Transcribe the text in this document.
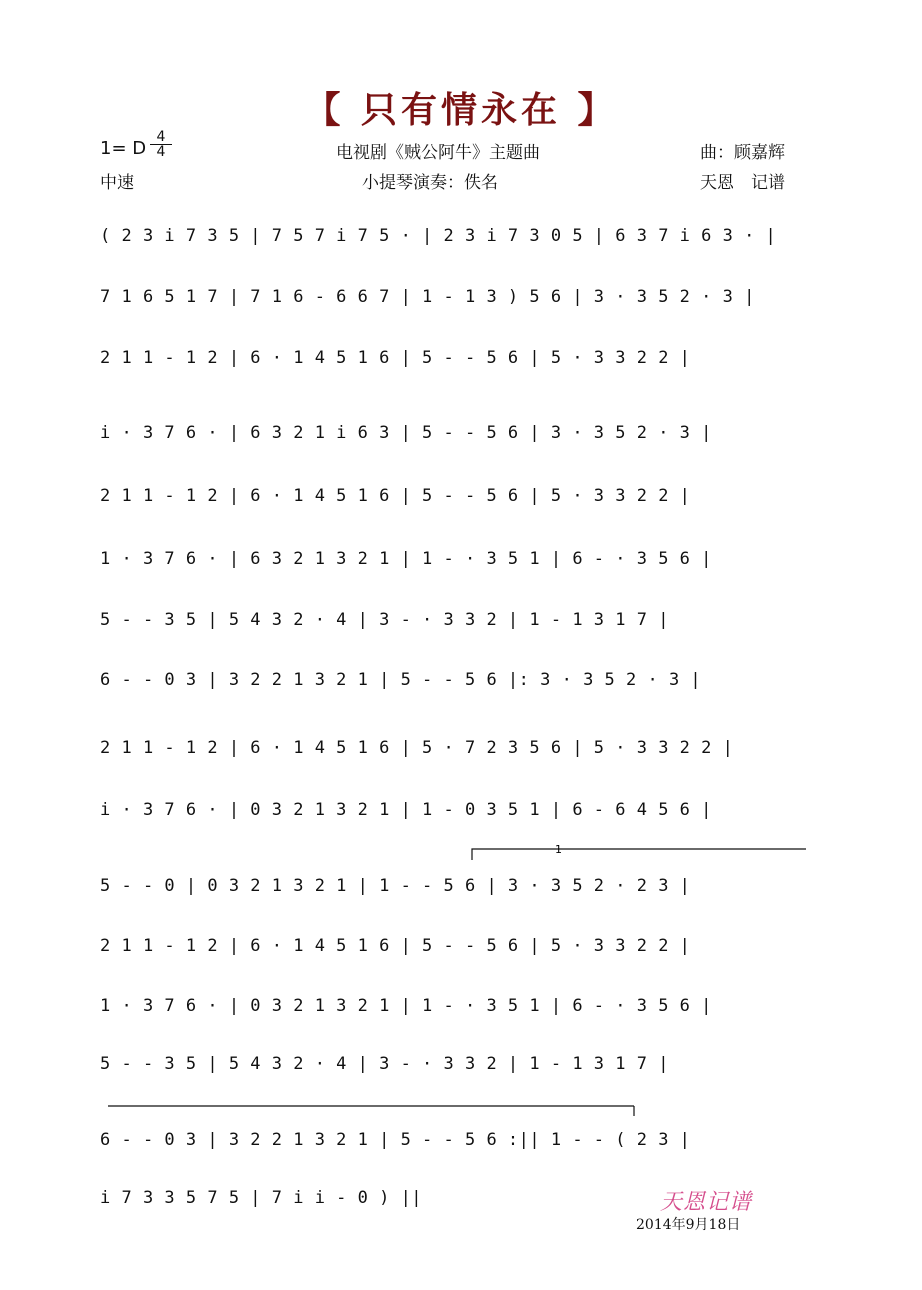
【 只有情永在 】
1= D $\frac{4}{4}$
中速
电视剧《贼公阿牛》主题曲
小提琴演奏：佚名
曲：顾嘉辉
天恩　记谱
( 2 3 i 7 3 5 | 7 5 7 i 7 5 · | 2 3 i 7 3 0 5 | 6 3 7 i 6 3 · |
7 1 6 5 1 7 | 7 1 6 - 6 6 7 | 1 - 1 3 ) 5 6 | 3 · 3 5 2 · 3 |
2 1 1 - 1 2 | 6 · 1 4 5 1 6 | 5 - - 5 6 | 5 · 3 3 2 2 |
i · 3 7 6 · | 6 3 2 1 i 6 3 | 5 - - 5 6 | 3 · 3 5 2 · 3 |
2 1 1 - 1 2 | 6 · 1 4 5 1 6 | 5 - - 5 6 | 5 · 3 3 2 2 |
1 · 3 7 6 · | 6 3 2 1 3 2 1 | 1 - · 3 5 1 | 6 - · 3 5 6 |
5 - - 3 5 | 5 4 3 2 · 4 | 3 - · 3 3 2 | 1 - 1 3 1 7 |
6 - - 0 3 | 3 2 2 1 3 2 1 | 5 - - 5 6 |: 3 · 3 5 2 · 3 |
2 1 1 - 1 2 | 6 · 1 4 5 1 6 | 5 · 7 2 3 5 6 | 5 · 3 3 2 2 |
i · 3 7 6 · | 0 3 2 1 3 2 1 | 1 - 0 3 5 1 | 6 - 6 4 5 6 |
5 - - 0 | 0 3 2 1 3 2 1 | 1 - - 5 6 | 3 · 3 5 2 · 2 3 |
2 1 1 - 1 2 | 6 · 1 4 5 1 6 | 5 - - 5 6 | 5 · 3 3 2 2 |
1 · 3 7 6 · | 0 3 2 1 3 2 1 | 1 - · 3 5 1 | 6 - · 3 5 6 |
5 - - 3 5 | 5 4 3 2 · 4 | 3 - · 3 3 2 | 1 - 1 3 1 7 |
6 - - 0 3 | 3 2 2 1 3 2 1 | 5 - - 5 6 :|| 1 - - ( 2 3 |
i 7 3 3 5 7 5 | 7 i i - 0 ) ||
1
天恩记谱
2014年9月18日
